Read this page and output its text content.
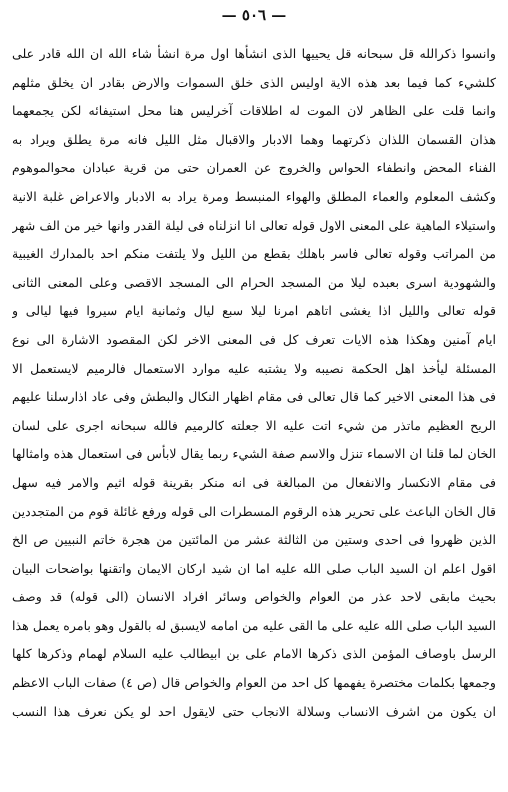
— ٥٠٦ —
وانسوا ذكرالله قل سبحانه قل يحييها الذى انشأها اول مرة انشأ شاء الله ان الله قادر على
كلشيء كما فيما بعد هذه الاية اوليس الذى خلق السموات والارض بقادر ان يخلق مثلهم
وانما قلت على الظاهر لان الموت له اطلاقات آخرليس هنا محل استيفائه لكن يجمعهما
هذان القسمان اللذان ذكرتهما وهما الادبار والاقبال مثل الليل فانه مرة يطلق ويراد به
الفناء المحض وانطفاء الحواس والخروج عن العمران حتى من قرية عبادان محوالموهوم
وكشف المعلوم والعماء المطلق والهواء المنبسط ومرة يراد به الادبار والاعراض غلبة الانية
واستيلاء الماهية على المعنى الاول قوله تعالى انا انزلناه فى ليلة القدر وانها خير من الف شهر
من المراتب وقوله تعالى فاسر باهلك بقطع من الليل ولا يلتفت منكم احد بالمدارك الغيبية
والشهودية اسرى بعبده ليلا من المسجد الحرام الى المسجد الاقصى وعلى المعنى الثانى
قوله تعالى والليل اذا يغشى اتاهم امرنا ليلا سبع ليال وثمانية ايام سيروا فيها ليالى و
ايام آمنين وهكذا هذه الايات تعرف كل فى المعنى الاخر لكن المقصود الاشارة الى نوع
المسئلة ليأخذ اهل الحكمة نصيبه ولا يشتبه عليه موارد الاستعمال فالرميم لايستعمل الا
فى هذا المعنى الاخير كما قال تعالى فى مقام اظهار النكال والبطش وفى عاد اذارسلنا عليهم
الريح العظيم ماتذر من شيء اتت عليه الا جعلته كالرميم فالله سبحانه اجرى على لسان
الخان لما قلنا ان الاسماء تنزل والاسم صفة الشيء ربما يقال لابأس فى استعمال هذه وامثالها
فى مقام الانكسار والانفعال من المبالغة فى انه منكر بقرينة قوله اثيم والامر فيه سهل
قال الخان الباعث على تحرير هذه الرقوم المسطرات الى قوله ورفع غائلة قوم من المتجددين
الذين ظهروا فى احدى وستين من الثالثة عشر من المائتين من هجرة خاتم النبيين ص الخ
اقول اعلم ان السيد الباب صلى الله عليه اما ان شيد اركان الايمان واتقنها بواضحات البيان
بحيث مابقى لاحد عذر من العوام والخواص وسائر افراد الانسان (الى قوله) قد وصف
السيد الباب صلى الله عليه على ما القى عليه من امامه لايسبق له بالقول وهو بامره يعمل هذا
الرسل باوصاف المؤمن الذى ذكرها الامام على بن ابيطالب عليه السلام لهمام وذكرها كلها
وجمعها بكلمات مختصرة يفهمها كل احد من العوام والخواص قال (ص ٤) صفات الباب الاعظم
ان يكون من اشرف الانساب وسلالة الانجاب حتى لايقول احد لو يكن نعرف هذا النسب
